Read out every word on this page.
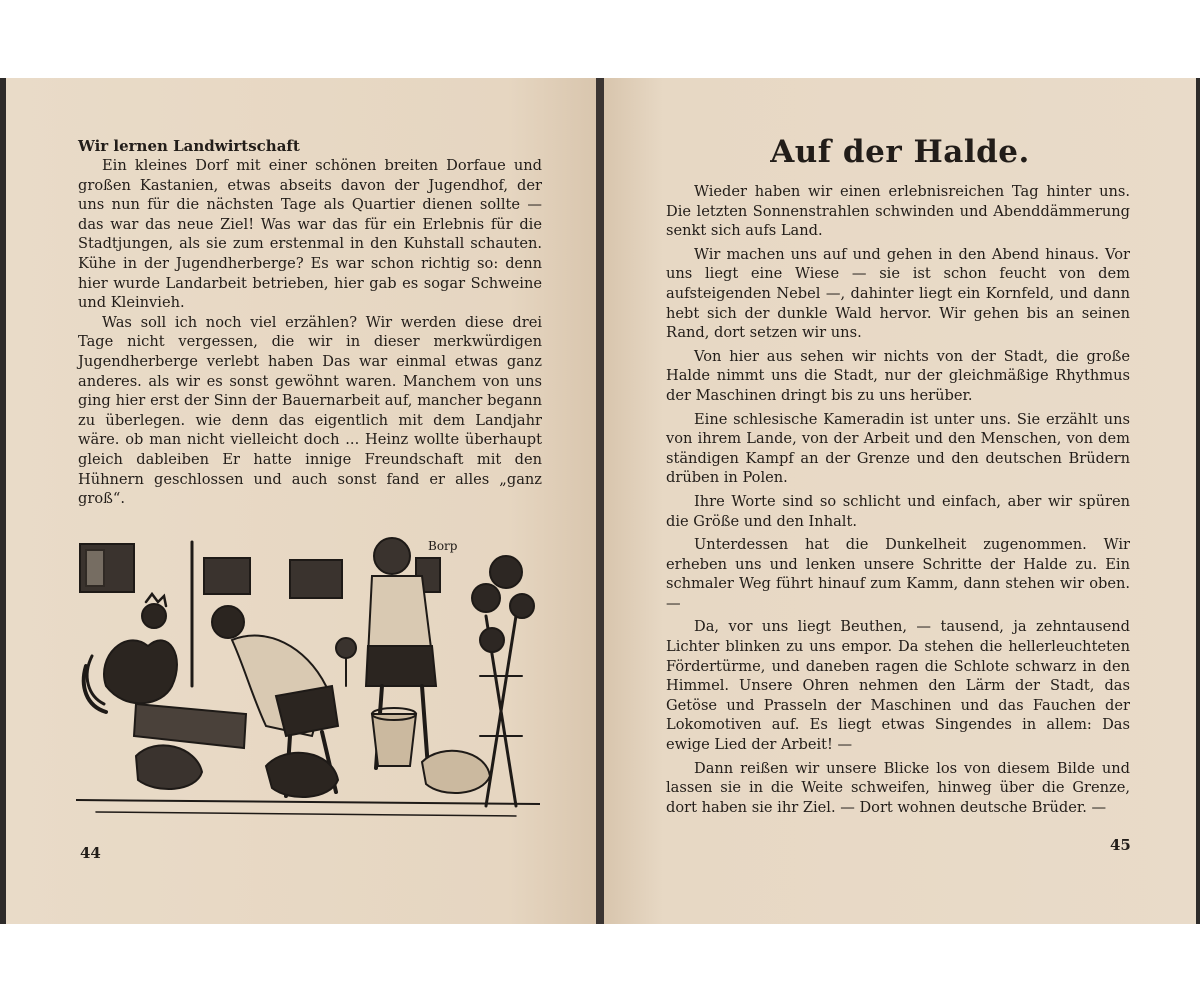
Wir lernen Landwirtschaft

Ein kleines Dorf mit einer schönen breiten Dorfaue und großen Kastanien, etwas abseits davon der Jugendhof, der uns nun für die nächsten Tage als Quartier dienen sollte — das war das neue Ziel! Was war das für ein Erlebnis für die Stadtjungen, als sie zum erstenmal in den Kuhstall schauten. Kühe in der Jugendherberge? Es war schon richtig so: denn hier wurde Landarbeit betrieben, hier gab es sogar Schweine und Kleinvieh.

Was soll ich noch viel erzählen? Wir werden diese drei Tage nicht vergessen, die wir in dieser merkwürdigen Jugendherberge verlebt haben Das war einmal etwas ganz anderes. als wir es sonst gewöhnt waren. Manchem von uns ging hier erst der Sinn der Bauernarbeit auf, mancher begann zu überlegen. wie denn das eigentlich mit dem Landjahr wäre. ob man nicht vielleicht doch ... Heinz wollte überhaupt gleich dableiben Er hatte innige Freundschaft mit den Hühnern geschlossen und auch sonst fand er alles „ganz groß“.

Borp
44
Auf der Halde.

Wieder haben wir einen erlebnisreichen Tag hinter uns. Die letzten Sonnenstrahlen schwinden und Abenddämmerung senkt sich aufs Land.

Wir machen uns auf und gehen in den Abend hinaus. Vor uns liegt eine Wiese — sie ist schon feucht von dem aufsteigenden Nebel —, dahinter liegt ein Kornfeld, und dann hebt sich der dunkle Wald hervor. Wir gehen bis an seinen Rand, dort setzen wir uns.

Von hier aus sehen wir nichts von der Stadt, die große Halde nimmt uns die Stadt, nur der gleichmäßige Rhythmus der Maschinen dringt bis zu uns herüber.

Eine schlesische Kameradin ist unter uns. Sie erzählt uns von ihrem Lande, von der Arbeit und den Menschen, von dem ständigen Kampf an der Grenze und den deutschen Brüdern drüben in Polen.

Ihre Worte sind so schlicht und einfach, aber wir spüren die Größe und den Inhalt.

Unterdessen hat die Dunkelheit zugenommen. Wir erheben uns und lenken unsere Schritte der Halde zu. Ein schmaler Weg führt hinauf zum Kamm, dann stehen wir oben. —

Da, vor uns liegt Beuthen, — tausend, ja zehntausend Lichter blinken zu uns empor. Da stehen die hellerleuchteten Fördertürme, und daneben ragen die Schlote schwarz in den Himmel. Unsere Ohren nehmen den Lärm der Stadt, das Getöse und Prasseln der Maschinen und das Fauchen der Lokomotiven auf. Es liegt etwas Singendes in allem: Das ewige Lied der Arbeit! —

Dann reißen wir unsere Blicke los von diesem Bilde und lassen sie in die Weite schweifen, hinweg über die Grenze, dort haben sie ihr Ziel. — Dort wohnen deutsche Brüder. —

45
